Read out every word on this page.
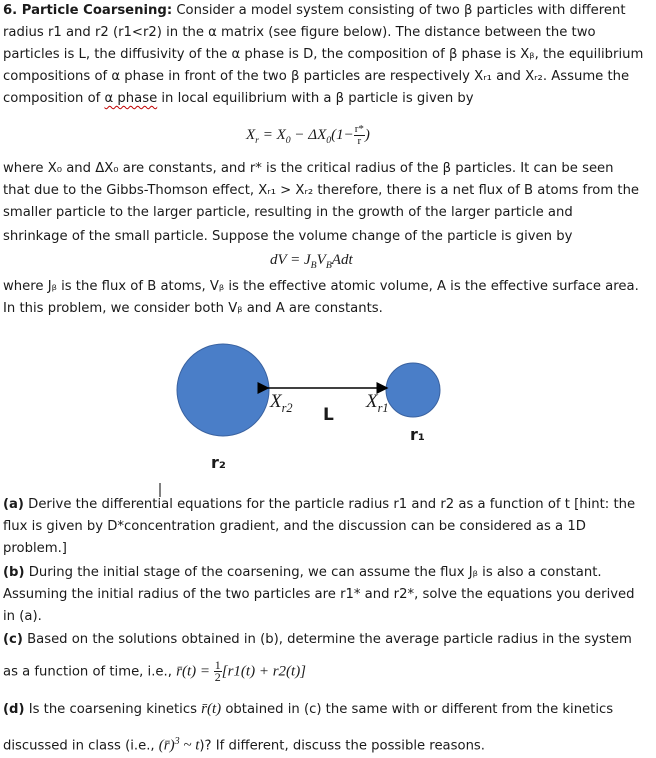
6. Particle Coarsening: Consider a model system consisting of two β particles with different
radius r1 and r2 (r1<r2) in the α matrix (see figure below). The distance between the two
particles is L, the diffusivity of the α phase is D, the composition of β phase is Xᵦ, the equilibrium
compositions of α phase in front of the two β particles are respectively Xᵣ₁ and Xᵣ₂. Assume the
composition of α phase in local equilibrium with a β particle is given by
$X_r = X_0 - \Delta X_0(1- \frac{r*}{r}$ )
where X₀ and ΔX₀ are constants, and r* is the critical radius of the β particles. It can be seen
that due to the Gibbs-Thomson effect, Xᵣ₁ > Xᵣ₂ therefore, there is a net flux of B atoms from the
smaller particle to the larger particle, resulting in the growth of the larger particle and
shrinkage of the small particle. Suppose the volume change of the particle is given by
dV = $J_BV_BAdt$
where Jᵦ is the flux of B atoms, Vᵦ is the effective atomic volume, A is the effective surface area.
In this problem, we consider both Vᵦ and A are constants.
$X_{r2}$ L
$X_{r1}$
r₁
r₂
(a) Derive the differential equations for the particle radius r1 and r2 as a function of t [hint: the
flux is given by D*concentration gradient, and the discussion can be considered as a 1D
problem.]
(b) During the initial stage of the coarsening, we can assume the flux Jᵦ is also a constant.
Assuming the initial radius of the two particles are r1* and r2*, solve the equations you derived
in (a).
(c) Based on the solutions obtained in (b), determine the average particle radius in the system
as a function of time, i.e., r̄(t) = $\frac{1}{2} [r1(t) + r2(t)]$
(d) Is the coarsening kinetics r̄(t) obtained in (c) the same with or different from the kinetics
discussed in class (i.e., (r̄)$^3$ ~ t)? If different, discuss the possible reasons.
